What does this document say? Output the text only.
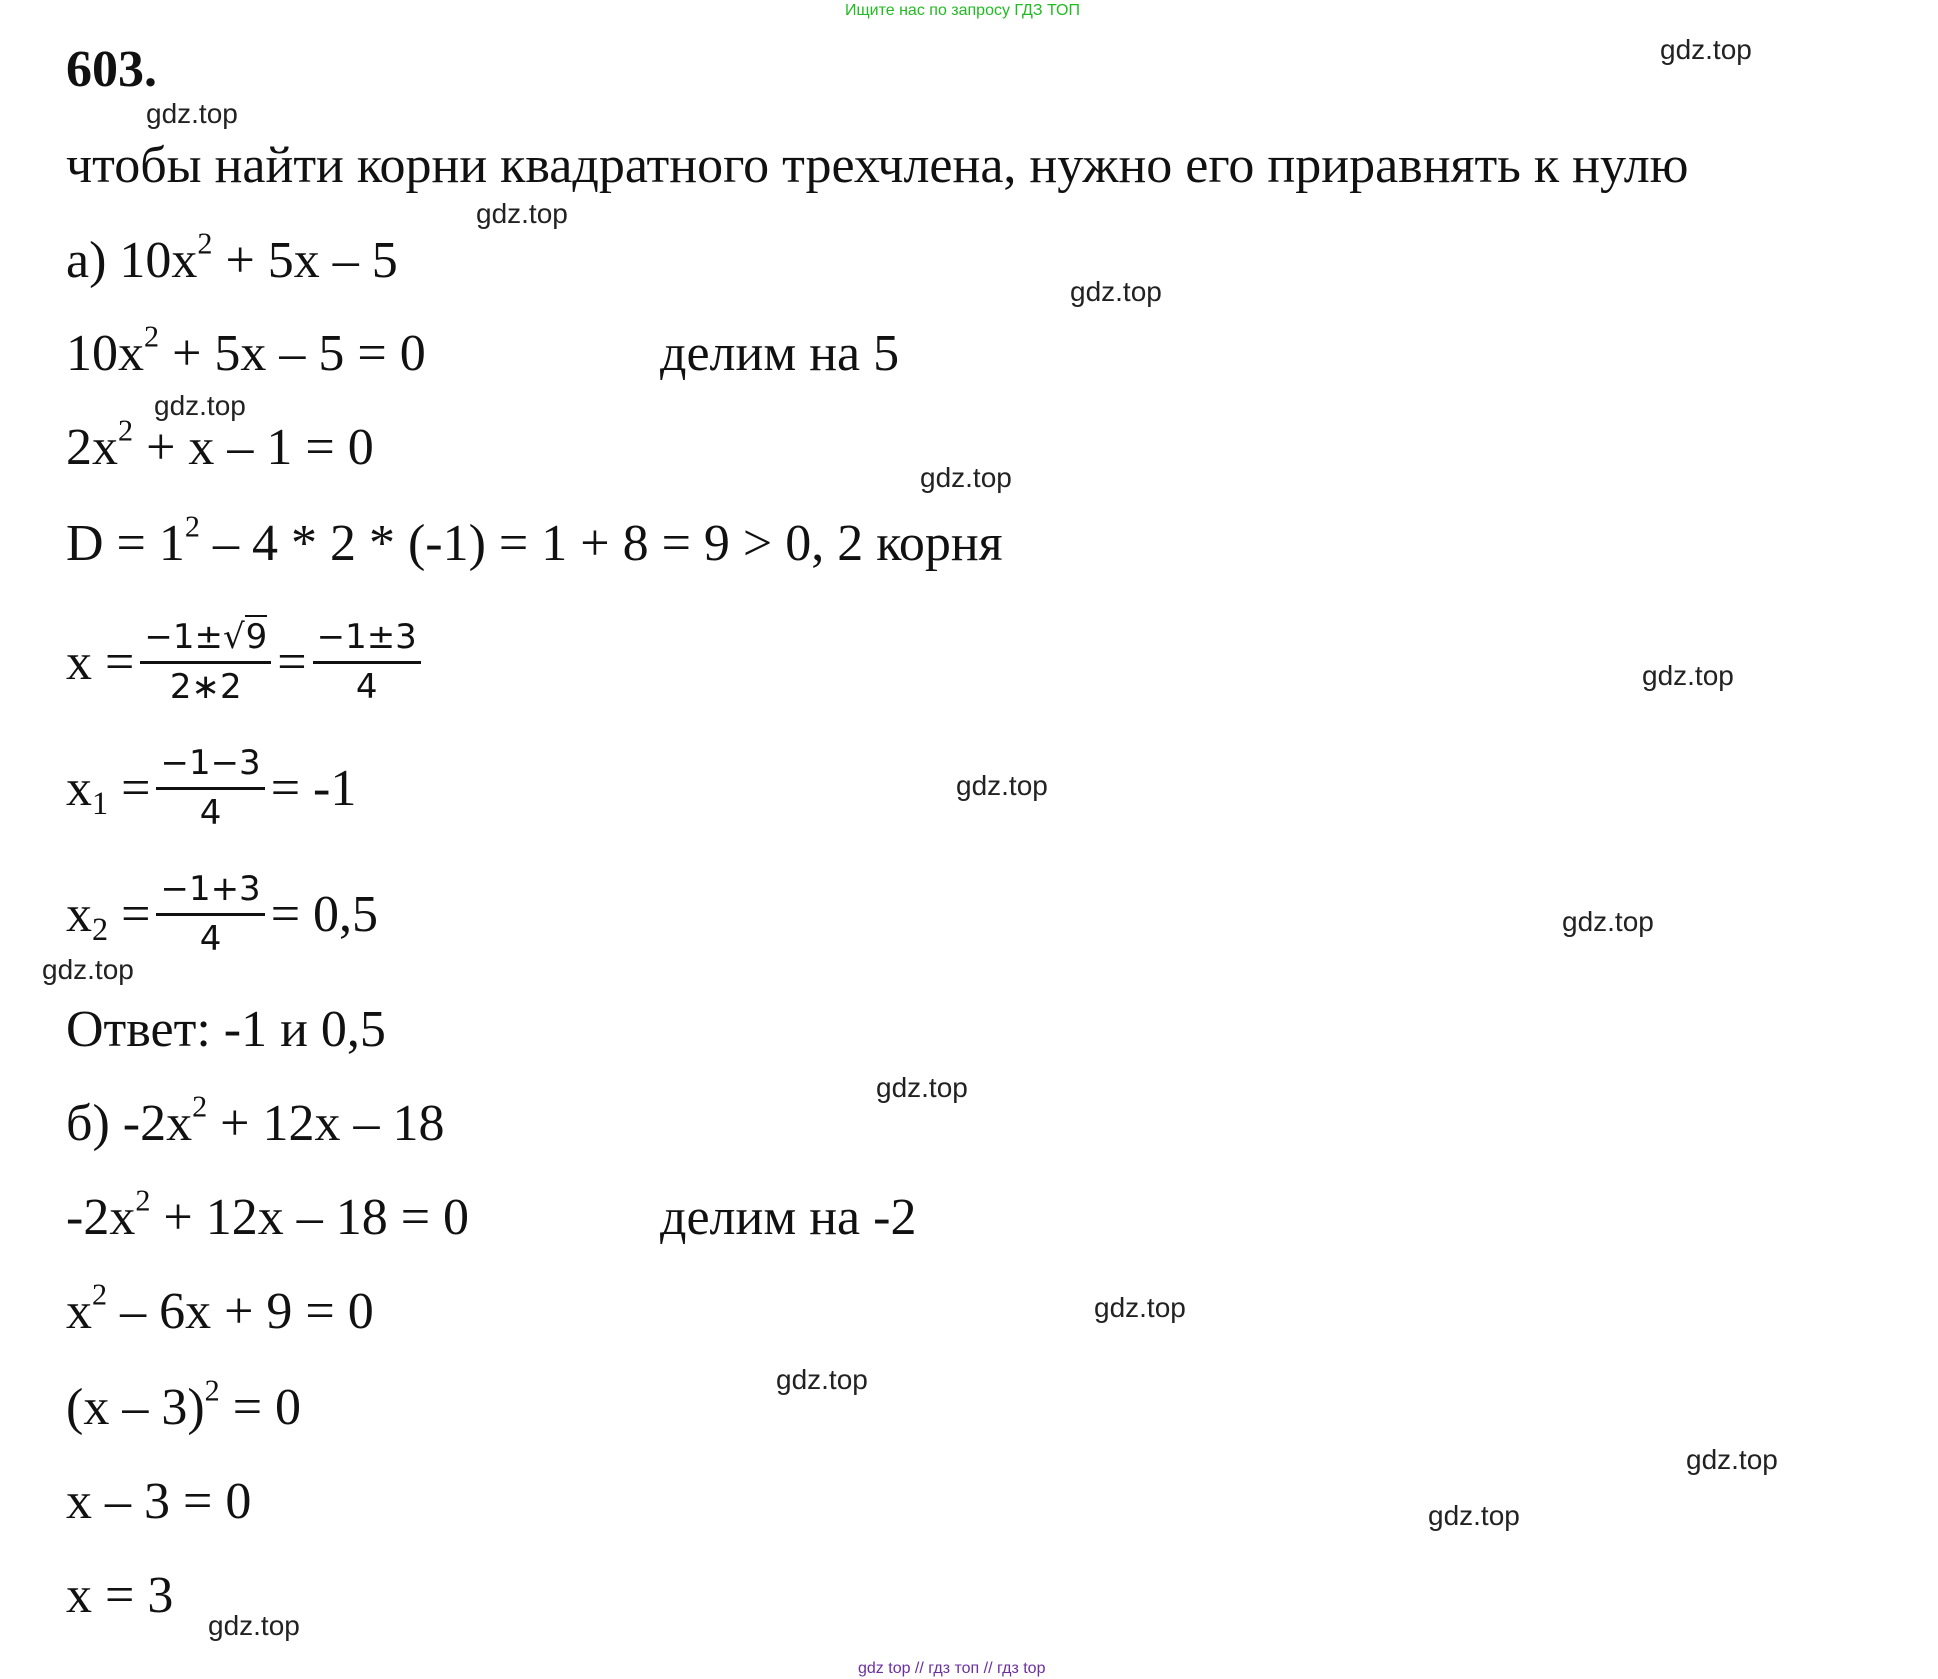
Ищите нас по запросу ГДЗ ТОП
603.
чтобы найти корни квадратного трехчлена, нужно его приравнять к нулю
а) $10x^2 + 5x - 5$
$10x^2 + 5x - 5 = 0$	делим на 5
$2x^2 + x - 1 = 0$
$D = 1^2 - 4 * 2 * (-1) = 1 + 8 = 9 > 0$, 2 корня
$x = \frac{-1\pm√9}{2∗2} = \frac{-1\pm 3}{4}$
$x_1 = \frac{-1-3}{4} = -1$
$x_2 = \frac{-1+3}{4} = 0,5$
Ответ: -1 и 0,5
б) $-2x^2 + 12x - 18$
$-2x^2 + 12x - 18 = 0$	делим на -2
$x^2 - 6x + 9 = 0$
(x – 3)$^2$ = 0
x – 3 = 0
x = 3
gdz.top
gdz.top
gdz.top
gdz.top
gdz.top
gdz.top
gdz.top
gdz.top
gdz.top
gdz.top
gdz.top
gdz.top
gdz.top
gdz.top
gdz.top
gdz.top
gdz top // гдз топ // гдз top
